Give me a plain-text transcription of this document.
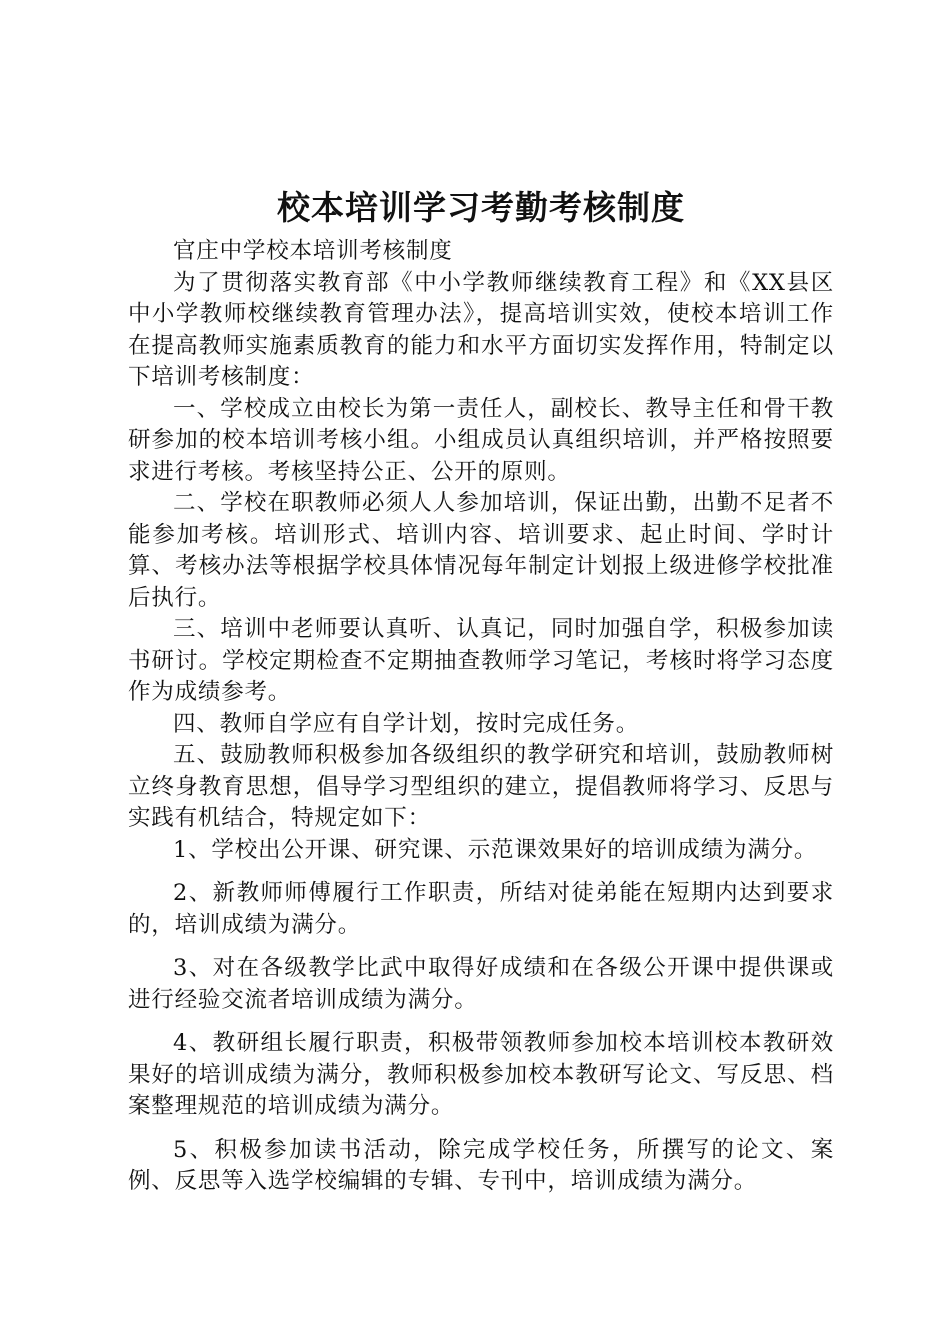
校本培训学习考勤考核制度

官庄中学校本培训考核制度

为了贯彻落实教育部《中小学教师继续教育工程》和《XX县区中小学教师校继续教育管理办法》，提高培训实效，使校本培训工作在提高教师实施素质教育的能力和水平方面切实发挥作用，特制定以下培训考核制度：

一、学校成立由校长为第一责任人，副校长、教导主任和骨干教研参加的校本培训考核小组。小组成员认真组织培训，并严格按照要求进行考核。考核坚持公正、公开的原则。

二、学校在职教师必须人人参加培训，保证出勤，出勤不足者不能参加考核。培训形式、培训内容、培训要求、起止时间、学时计算、考核办法等根据学校具体情况每年制定计划报上级进修学校批准后执行。

三、培训中老师要认真听、认真记，同时加强自学，积极参加读书研讨。学校定期检查不定期抽查教师学习笔记，考核时将学习态度作为成绩参考。

四、教师自学应有自学计划，按时完成任务。

五、鼓励教师积极参加各级组织的教学研究和培训，鼓励教师树立终身教育思想，倡导学习型组织的建立，提倡教师将学习、反思与实践有机结合，特规定如下：

1、学校出公开课、研究课、示范课效果好的培训成绩为满分。

2、新教师师傅履行工作职责，所结对徒弟能在短期内达到要求的，培训成绩为满分。

3、对在各级教学比武中取得好成绩和在各级公开课中提供课或进行经验交流者培训成绩为满分。

4、教研组长履行职责，积极带领教师参加校本培训校本教研效果好的培训成绩为满分，教师积极参加校本教研写论文、写反思、档案整理规范的培训成绩为满分。

5、积极参加读书活动，除完成学校任务，所撰写的论文、案例、反思等入选学校编辑的专辑、专刊中，培训成绩为满分。
